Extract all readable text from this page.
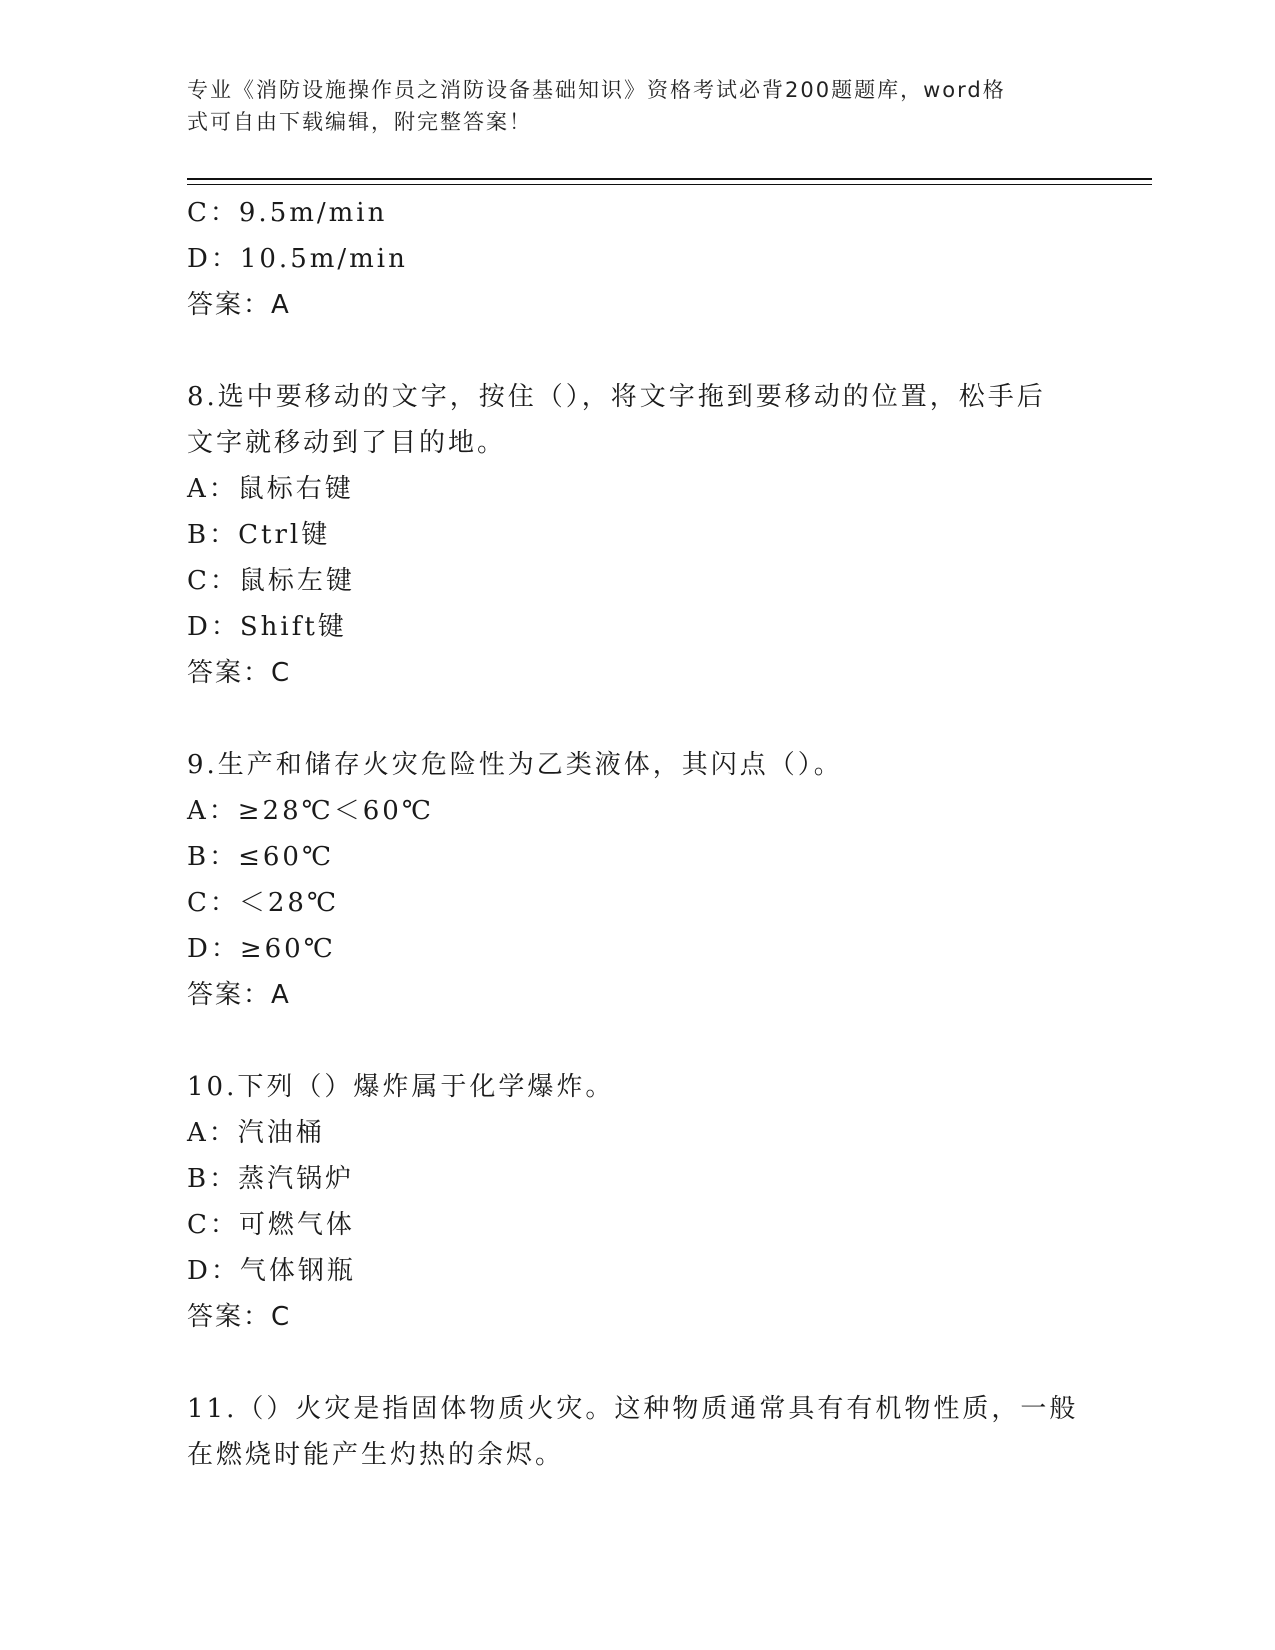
专业《消防设施操作员之消防设备基础知识》资格考试必背200题题库，word格
式可自由下载编辑，附完整答案！
C：9.5m/min
D：10.5m/min
答案：A
8.选中要移动的文字，按住（），将文字拖到要移动的位置，松手后
文字就移动到了目的地。
A：鼠标右键
B：Ctrl键
C：鼠标左键
D：Shift键
答案：C
9.生产和储存火灾危险性为乙类液体，其闪点（）。
A：≥28℃＜60℃
B：≤60℃
C：＜28℃
D：≥60℃
答案：A
10.下列（）爆炸属于化学爆炸。
A：汽油桶
B：蒸汽锅炉
C：可燃气体
D：气体钢瓶
答案：C
11.（）火灾是指固体物质火灾。这种物质通常具有有机物性质，一般
在燃烧时能产生灼热的余烬。
